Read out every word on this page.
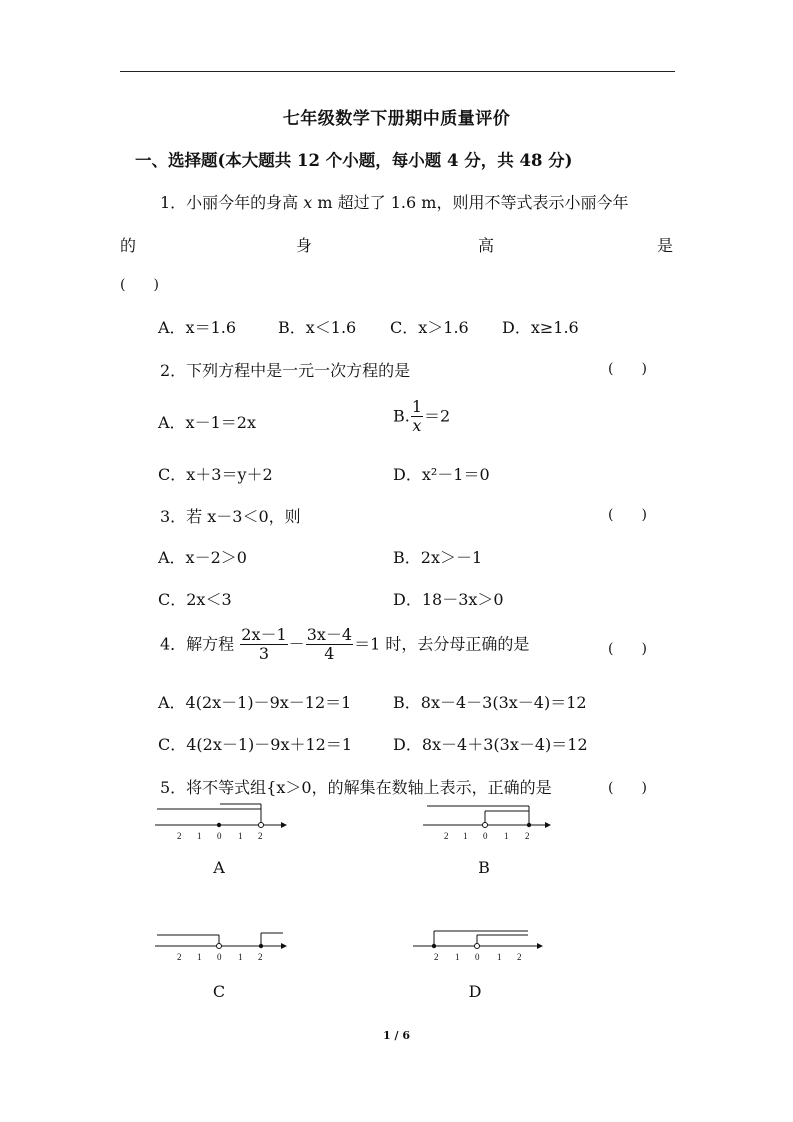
七年级数学下册期中质量评价
一、选择题(本大题共 12 个小题，每小题 4 分，共 48 分)
1．小丽今年的身高 x m 超过了 1.6 m，则用不等式表示小丽今年
的	身	高	是
(　　)
A．x＝1.6	B．x＜1.6 C．x＞1.6 D．x≥1.6
2．下列方程中是一元一次方程的是	(　　)
A．x－1＝2x	B. $\frac{1}{x} =2$
C．x＋3＝y＋2	D．x²－1＝0
3．若 x－3＜0，则	(　　)
A．x－2＞0	B．2x＞－1
C．2x＜3	D．18－3x＞0
4．解方程 $\frac{2x-1}{3} - \frac{3x-4}{4} =1$ 时，去分母正确的是	(　　)
A．4(2x－1)－9x－12＝1	B．8x－4－3(3x－4)＝12
C．4(2x－1)－9x＋12＝1	D．8x－4＋3(3x－4)＝12
5．将不等式组{x＞0，的解集在数轴上表示，正确的是	(　　)
2 1 0 1 2
A
2 1 0 1 2
B
2 1 0 1 2
C
2 1 0 1 2
D
1 / 6
